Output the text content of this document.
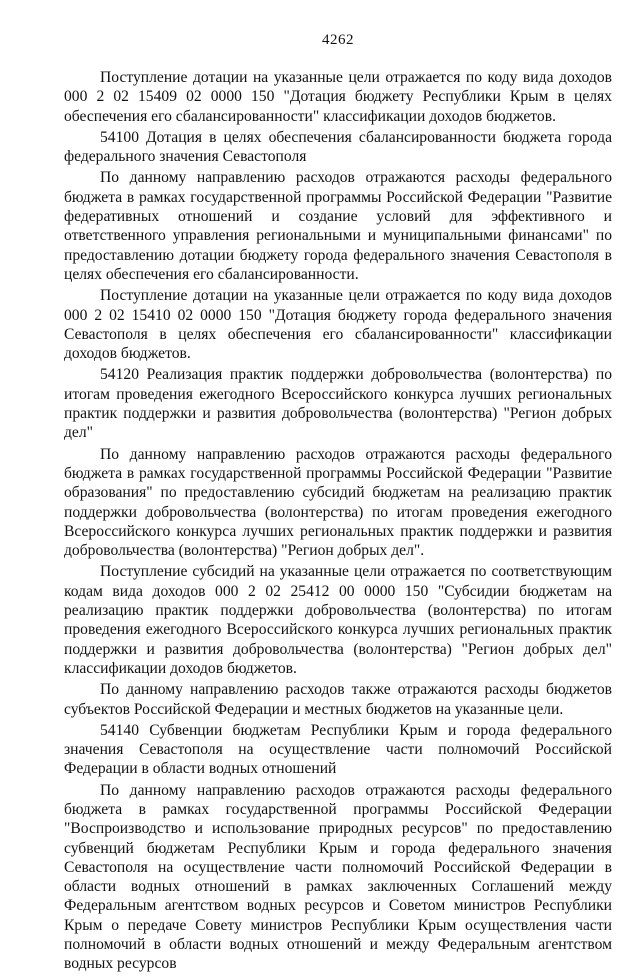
4262

Поступление дотации на указанные цели отражается по коду вида доходов 000 2 02 15409 02 0000 150 "Дотация бюджету Республики Крым в целях обеспечения его сбалансированности" классификации доходов бюджетов.

54100 Дотация в целях обеспечения сбалансированности бюджета города федерального значения Севастополя

По данному направлению расходов отражаются расходы федерального бюджета в рамках государственной программы Российской Федерации "Развитие федеративных отношений и создание условий для эффективного и ответственного управления региональными и муниципальными финансами" по предоставлению дотации бюджету города федерального значения Севастополя в целях обеспечения его сбалансированности.

Поступление дотации на указанные цели отражается по коду вида доходов 000 2 02 15410 02 0000 150 "Дотация бюджету города федерального значения Севастополя в целях обеспечения его сбалансированности" классификации доходов бюджетов.

54120 Реализация практик поддержки добровольчества (волонтерства) по итогам проведения ежегодного Всероссийского конкурса лучших региональных практик поддержки и развития добровольчества (волонтерства) "Регион добрых дел"

По данному направлению расходов отражаются расходы федерального бюджета в рамках государственной программы Российской Федерации "Развитие образования" по предоставлению субсидий бюджетам на реализацию практик поддержки добровольчества (волонтерства) по итогам проведения ежегодного Всероссийского конкурса лучших региональных практик поддержки и развития добровольчества (волонтерства) "Регион добрых дел".

Поступление субсидий на указанные цели отражается по соответствующим кодам вида доходов 000 2 02 25412 00 0000 150 "Субсидии бюджетам на реализацию практик поддержки добровольчества (волонтерства) по итогам проведения ежегодного Всероссийского конкурса лучших региональных практик поддержки и развития добровольчества (волонтерства) "Регион добрых дел" классификации доходов бюджетов.

По данному направлению расходов также отражаются расходы бюджетов субъектов Российской Федерации и местных бюджетов на указанные цели.

54140 Субвенции бюджетам Республики Крым и города федерального значения Севастополя на осуществление части полномочий Российской Федерации в области водных отношений

По данному направлению расходов отражаются расходы федерального бюджета в рамках государственной программы Российской Федерации "Воспроизводство и использование природных ресурсов" по предоставлению субвенций бюджетам Республики Крым и города федерального значения Севастополя на осуществление части полномочий Российской Федерации в области водных отношений в рамках заключенных Соглашений между Федеральным агентством водных ресурсов и Советом министров Республики Крым о передаче Совету министров Республики Крым осуществления части полномочий в области водных отношений и между Федеральным агентством водных ресурсов
